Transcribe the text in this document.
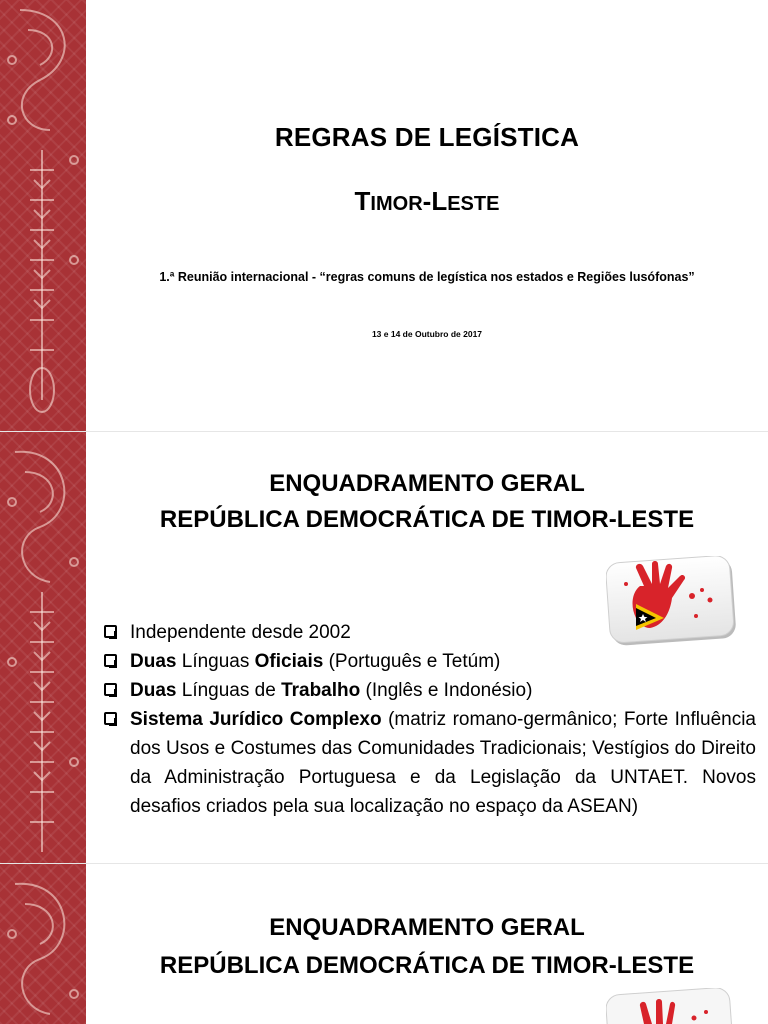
REGRAS DE LEGÍSTICA
TIMOR-LESTE
1.ª Reunião internacional - “regras comuns de legística nos estados e Regiões lusófonas”
13 e 14 de Outubro de 2017
ENQUADRAMENTO GERAL
REPÚBLICA DEMOCRÁTICA DE TIMOR-LESTE
Independente desde 2002
Duas Línguas Oficiais (Português e Tetúm)
Duas Línguas de Trabalho (Inglês e Indonésio)
Sistema Jurídico Complexo (matriz romano-germânico; Forte Influência dos Usos e Costumes das Comunidades Tradicionais; Vestígios do Direito da Administração Portuguesa e da Legislação da UNTAET. Novos desafios criados pela sua localização no espaço da ASEAN)
ENQUADRAMENTO GERAL
REPÚBLICA DEMOCRÁTICA DE TIMOR-LESTE
